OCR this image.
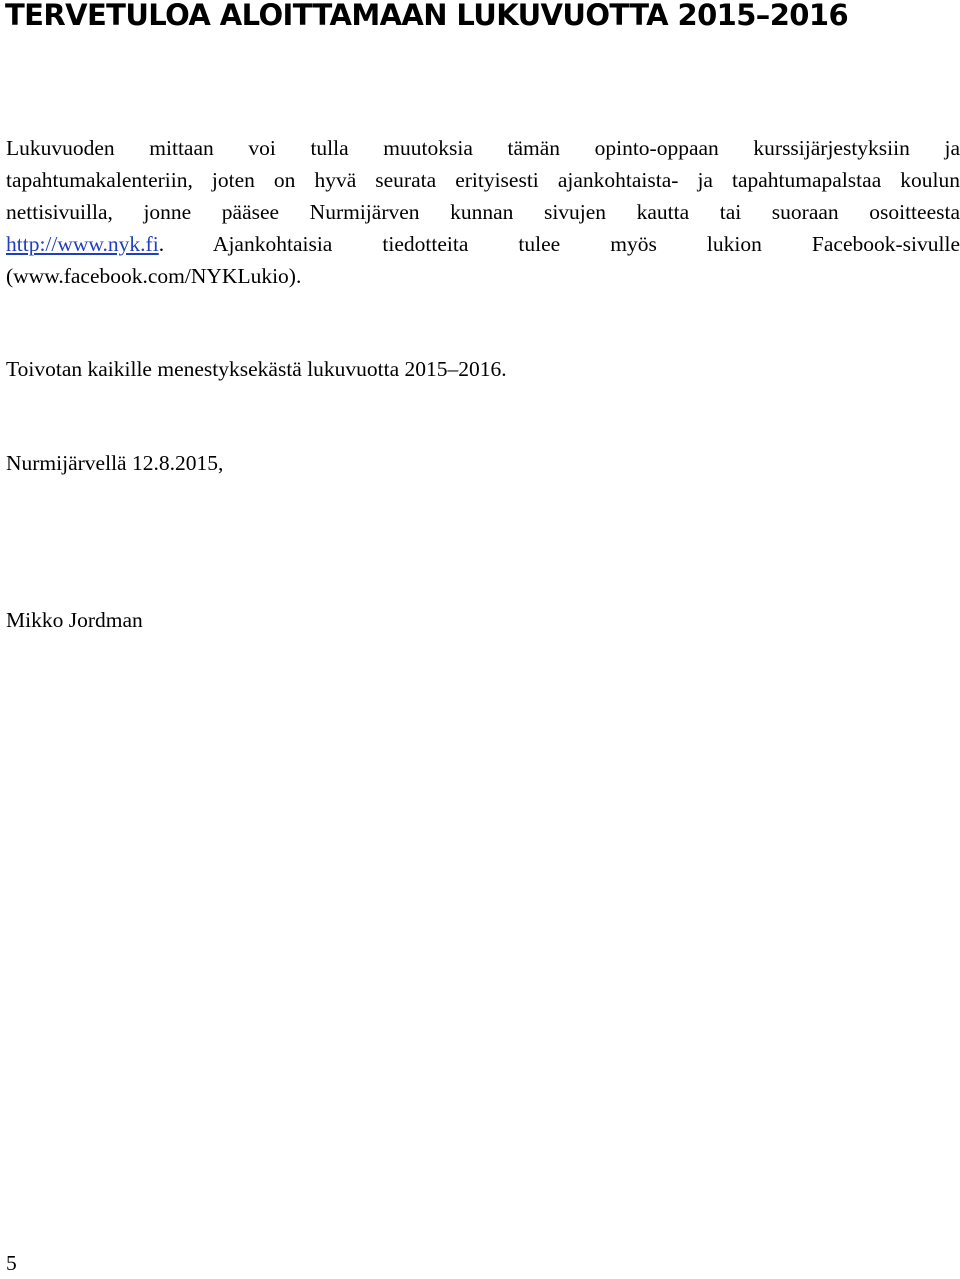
TERVETULOA ALOITTAMAAN LUKUVUOTTA 2015–2016
Lukuvuoden mittaan voi tulla muutoksia tämän opinto-oppaan kurssijärjestyksiin ja
tapahtumakalenteriin, joten on hyvä seurata erityisesti ajankohtaista- ja tapahtumapalstaa koulun
nettisivuilla, jonne pääsee Nurmijärven kunnan sivujen kautta tai suoraan osoitteesta
http://www.nyk.fi. Ajankohtaisia tiedotteita tulee myös lukion Facebook-sivulle
(www.facebook.com/NYKLukio).
Toivotan kaikille menestyksekästä lukuvuotta 2015–2016.
Nurmijärvellä 12.8.2015,
Mikko Jordman
5
